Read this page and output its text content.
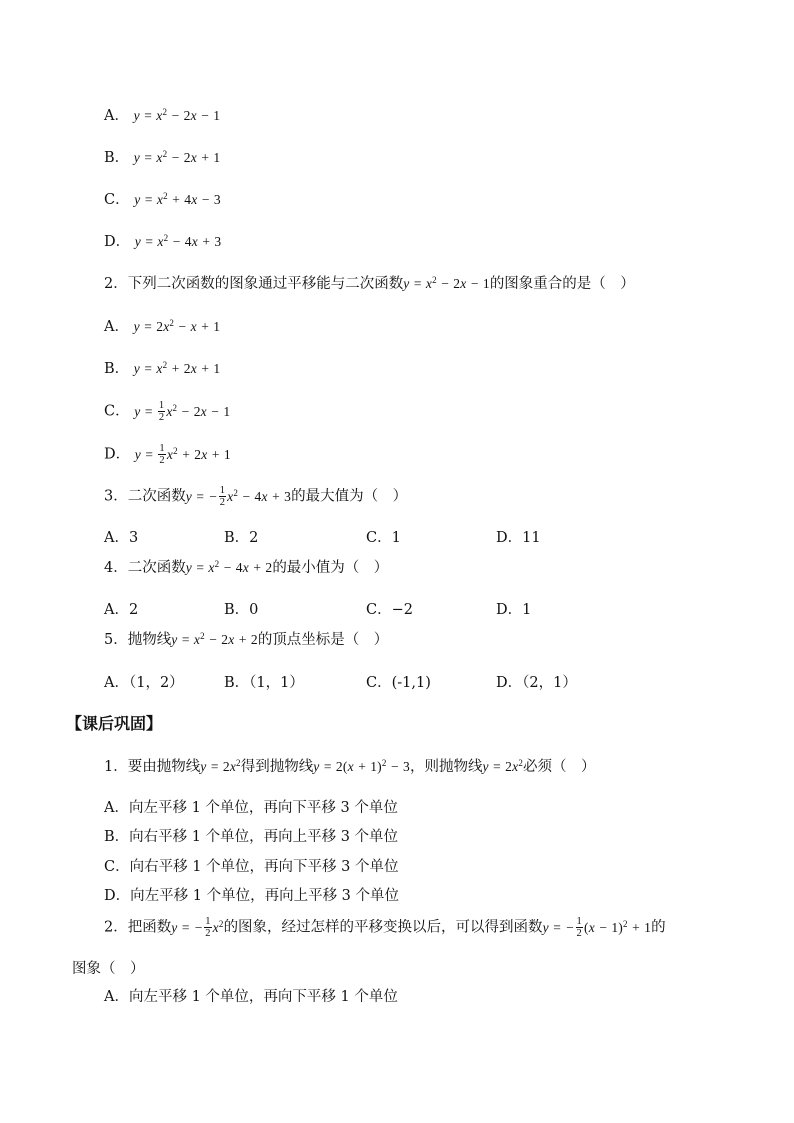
A． $y = x^2 - 2x - 1$
B． $y = x^2 - 2x + 1$
C． $y = x^2 + 4x - 3$
D． $y = x^2 - 4x + 3$
2．下列二次函数的图象通过平移能与二次函数$y = x^2 - 2x - 1$的图象重合的是（　）
A． $y = 2x^2 - x + 1$
B． $y = x^2 + 2x + 1$
C． $y = \frac{1}{2} x^2 - 2x - 1$
D． $y = \frac{1}{2} x^2 + 2x + 1$
3．二次函数y = − $\frac{1}{2} x^2 - 4x + 3$的最大值为（　）
A．3	B．2	C．1	D．11
4．二次函数$y = x^2 - 4x + 2$的最小值为（　）
A．2	B．0	C．−2	D．1
5．抛物线$y = x^2 - 2x + 2$的顶点坐标是（　）
A．（1，2）	B．（1，1）	C．(-1,1)	D．（2，1）
【课后巩固】
1．要由抛物线$y = 2x^2$得到抛物线$y = 2(x + 1)^2 - 3$，则抛物线$y = 2x^2$必须（　）
A．向左平移 1 个单位，再向下平移 3 个单位
B．向右平移 1 个单位，再向上平移 3 个单位
C．向右平移 1 个单位，再向下平移 3 个单位
D．向左平移 1 个单位，再向上平移 3 个单位
2．把函数y = − $\frac{1}{2} x^2$的图象，经过怎样的平移变换以后，可以得到函数y = − $\frac{1}{2} (x - 1)^2 + 1$的
图象（　）
A．向左平移 1 个单位，再向下平移 1 个单位
